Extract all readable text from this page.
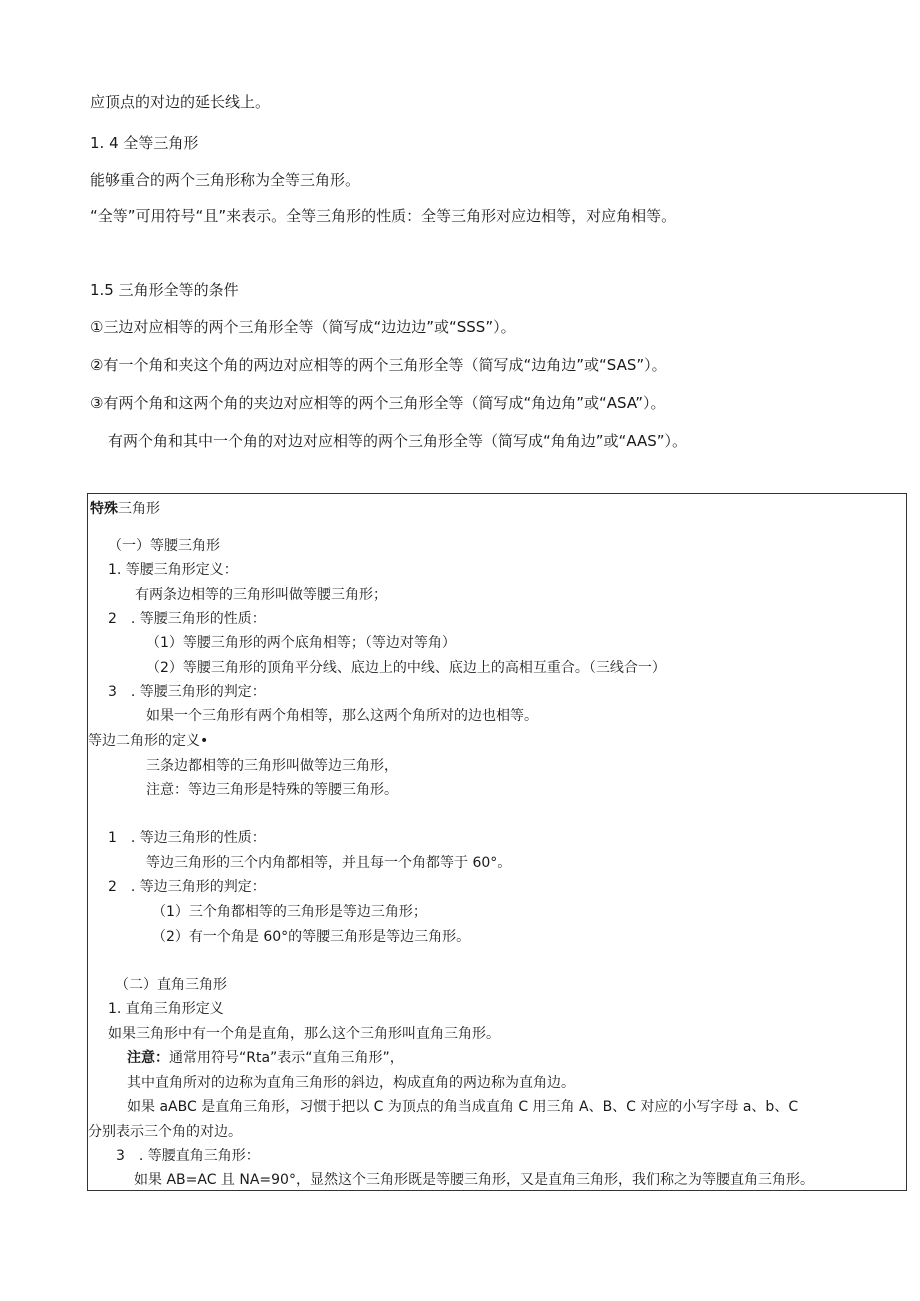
应顶点的对边的延长线上。
1. 4 全等三角形
能够重合的两个三角形称为全等三角形。
“全等”可用符号“且”来表示。全等三角形的性质：全等三角形对应边相等，对应角相等。
1.5 三角形全等的条件
①三边对应相等的两个三角形全等（简写成“边边边”或“SSS”）。
②有一个角和夹这个角的两边对应相等的两个三角形全等（简写成“边角边”或“SAS”）。
③有两个角和这两个角的夹边对应相等的两个三角形全等（简写成“角边角”或“ASA”）。
有两个角和其中一个角的对边对应相等的两个三角形全等（简写成“角角边”或“AAS”）。
特殊三角形
（一）等腰三角形
1. 等腰三角形定义：
有两条边相等的三角形叫做等腰三角形；
2　. 等腰三角形的性质：
（1）等腰三角形的两个底角相等；（等边对等角）
（2）等腰三角形的顶角平分线、底边上的中线、底边上的高相互重合。（三线合一）
3　. 等腰三角形的判定：
如果一个三角形有两个角相等，那么这两个角所对的边也相等。
等边二角形的定义•
三条边都相等的三角形叫做等边三角形，
注意：等边三角形是特殊的等腰三角形。
1　. 等边三角形的性质：
等边三角形的三个内角都相等，并且每一个角都等于 60°。
2　. 等边三角形的判定：
（1）三个角都相等的三角形是等边三角形；
（2）有一个角是 60°的等腰三角形是等边三角形。
（二）直角三角形
1. 直角三角形定义
如果三角形中有一个角是直角，那么这个三角形叫直角三角形。
注意：通常用符号“Rta”表示“直角三角形”，
其中直角所对的边称为直角三角形的斜边，构成直角的两边称为直角边。
如果 aABC 是直角三角形，习惯于把以 C 为顶点的角当成直角 C 用三角 A、B、C 对应的小写字母 a、b、C
分别表示三个角的对边。
3　. 等腰直角三角形：
如果 AB=AC 且 NA=90°，显然这个三角形既是等腰三角形，又是直角三角形，我们称之为等腰直角三角形。
